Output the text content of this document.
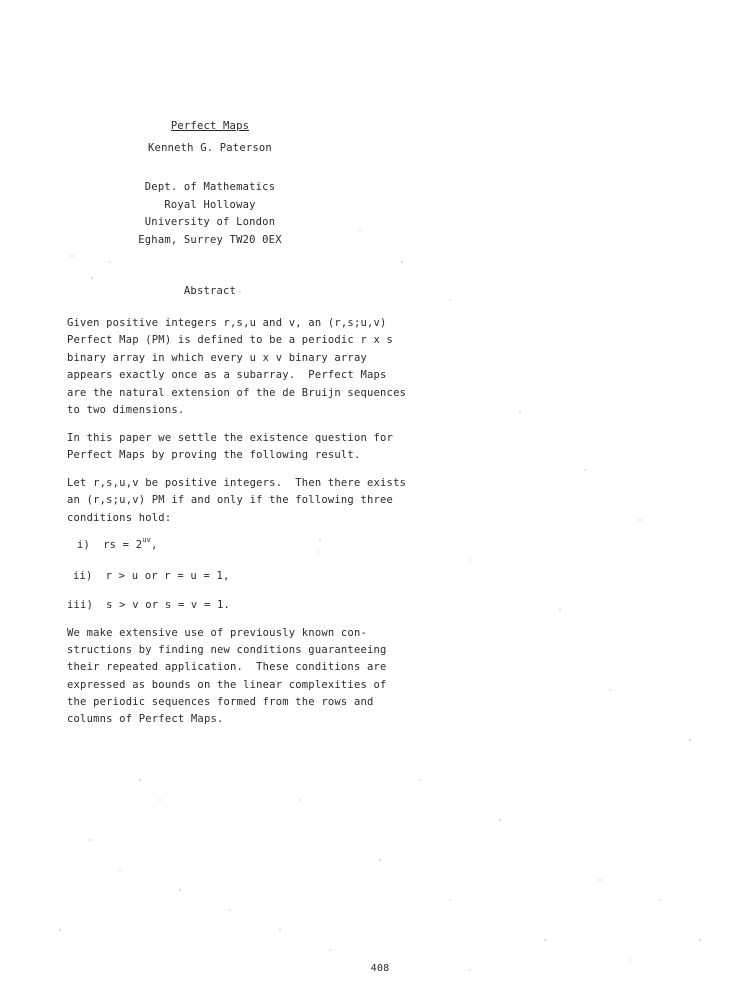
Perfect Maps
Kenneth G. Paterson
Dept. of Mathematics
Royal Holloway
University of London
Egham, Surrey TW20 0EX
Abstract
Given positive integers r,s,u and v, an (r,s;u,v)
Perfect Map (PM) is defined to be a periodic r x s
binary array in which every u x v binary array
appears exactly once as a subarray.  Perfect Maps
are the natural extension of the de Bruijn sequences
to two dimensions.
In this paper we settle the existence question for
Perfect Maps by proving the following result.
Let r,s,u,v be positive integers.  Then there exists
an (r,s;u,v) PM if and only if the following three
conditions hold:
i)  rs = $2^{uv}$,
ii)  r > u or r = u = 1,
iii)  s > v or s = v = 1.
We make extensive use of previously known con-
structions by finding new conditions guaranteeing
their repeated application.  These conditions are
expressed as bounds on the linear complexities of
the periodic sequences formed from the rows and
columns of Perfect Maps.
408
